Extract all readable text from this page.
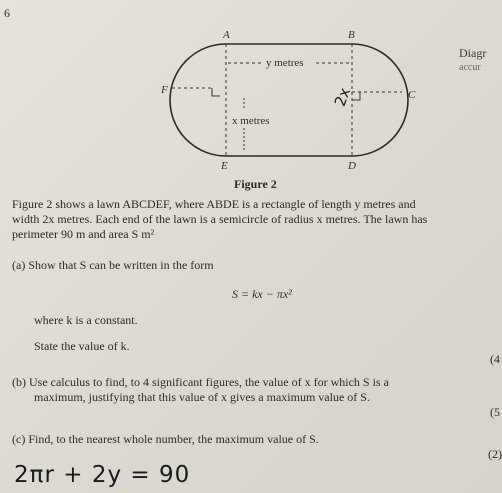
6
Diagr
accur
A	B
C
D
E
F
y metres
x metres
2x
Figure 2
Figure 2 shows a lawn ABCDEF, where ABDE is a rectangle of length y metres and
width 2x metres. Each end of the lawn is a semicircle of radius x metres. The lawn has
perimeter 90 m and area S m²
(a) Show that S can be written in the form
S = kx − πx²
where k is a constant.
State the value of k.
(4
(b) Use calculus to find, to 4 significant figures, the value of x for which S is a
maximum, justifying that this value of x gives a maximum value of S.
(5
(c) Find, to the nearest whole number, the maximum value of S.
(2)
2πr + 2y = 90
